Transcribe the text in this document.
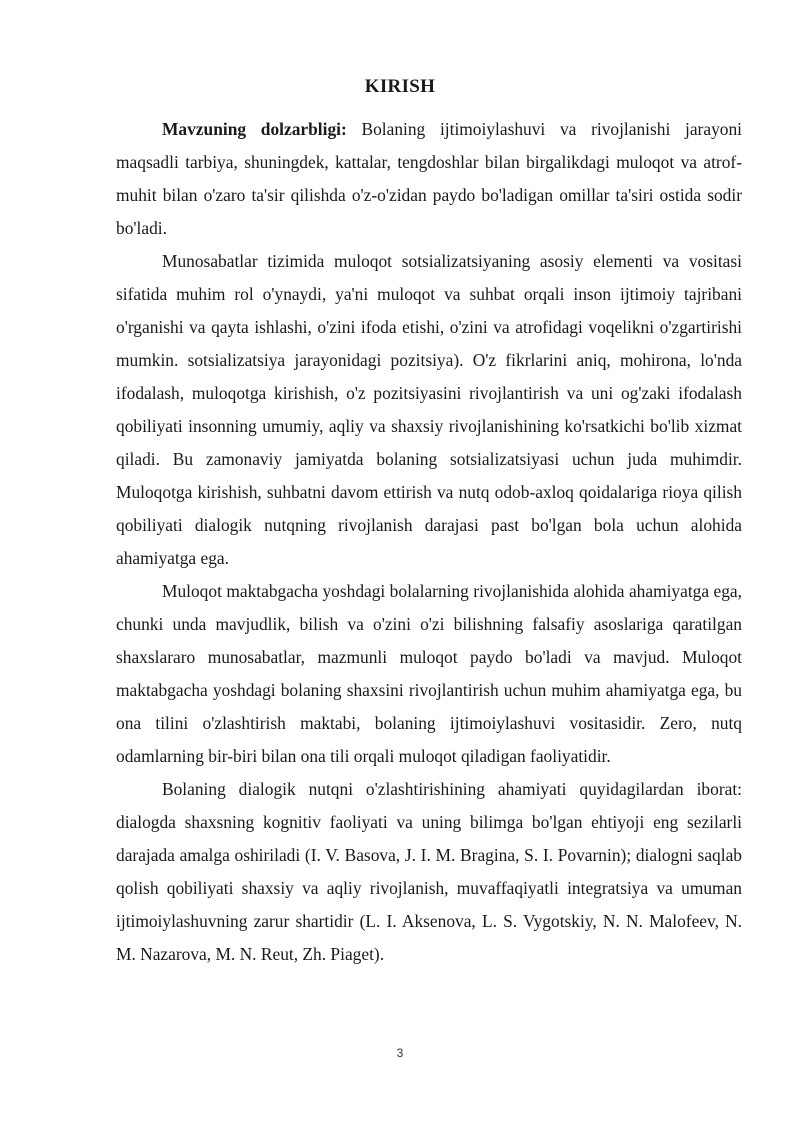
KIRISH

Mavzuning dolzarbligi: Bolaning ijtimoiylashuvi va rivojlanishi jarayoni maqsadli tarbiya, shuningdek, kattalar, tengdoshlar bilan birgalikdagi muloqot va atrof-muhit bilan o'zaro ta'sir qilishda o'z-o'zidan paydo bo'ladigan omillar ta'siri ostida sodir bo'ladi.

Munosabatlar tizimida muloqot sotsializatsiyaning asosiy elementi va vositasi sifatida muhim rol o'ynaydi, ya'ni muloqot va suhbat orqali inson ijtimoiy tajribani o'rganishi va qayta ishlashi, o'zini ifoda etishi, o'zini va atrofidagi voqelikni o'zgartirishi mumkin. sotsializatsiya jarayonidagi pozitsiya). O'z fikrlarini aniq, mohirona, lo'nda ifodalash, muloqotga kirishish, o'z pozitsiyasini rivojlantirish va uni og'zaki ifodalash qobiliyati insonning umumiy, aqliy va shaxsiy rivojlanishining ko'rsatkichi bo'lib xizmat qiladi. Bu zamonaviy jamiyatda bolaning sotsializatsiyasi uchun juda muhimdir. Muloqotga kirishish, suhbatni davom ettirish va nutq odob-axloq qoidalariga rioya qilish qobiliyati dialogik nutqning rivojlanish darajasi past bo'lgan bola uchun alohida ahamiyatga ega.

Muloqot maktabgacha yoshdagi bolalarning rivojlanishida alohida ahamiyatga ega, chunki unda mavjudlik, bilish va o'zini o'zi bilishning falsafiy asoslariga qaratilgan shaxslararo munosabatlar, mazmunli muloqot paydo bo'ladi va mavjud. Muloqot maktabgacha yoshdagi bolaning shaxsini rivojlantirish uchun muhim ahamiyatga ega, bu ona tilini o'zlashtirish maktabi, bolaning ijtimoiylashuvi vositasidir. Zero, nutq odamlarning bir-biri bilan ona tili orqali muloqot qiladigan faoliyatidir.

Bolaning dialogik nutqni o'zlashtirishining ahamiyati quyidagilardan iborat: dialogda shaxsning kognitiv faoliyati va uning bilimga bo'lgan ehtiyoji eng sezilarli darajada amalga oshiriladi (I. V. Basova, J. I. M. Bragina, S. I. Povarnin); dialogni saqlab qolish qobiliyati shaxsiy va aqliy rivojlanish, muvaffaqiyatli integratsiya va umuman ijtimoiylashuvning zarur shartidir (L. I. Aksenova, L. S. Vygotskiy, N. N. Malofeev, N. M. Nazarova, M. N. Reut, Zh. Piaget).

3
